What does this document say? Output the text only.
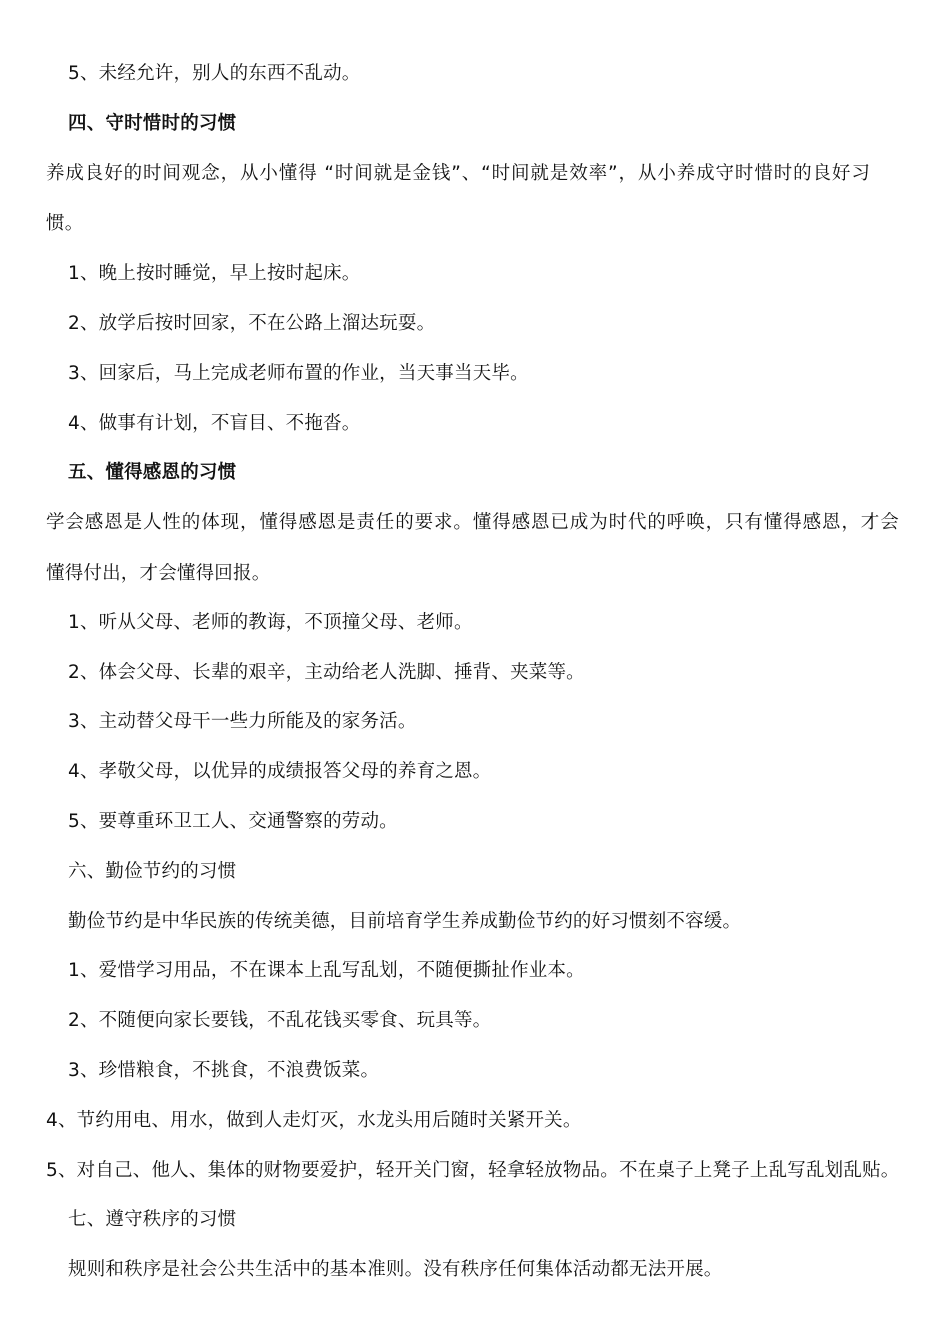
5、未经允许，别人的东西不乱动。

四、守时惜时的习惯

养成良好的时间观念，从小懂得 “时间就是金钱”、“时间就是效率”，从小养成守时惜时的良好习

惯。

1、晚上按时睡觉，早上按时起床。

2、放学后按时回家，不在公路上溜达玩耍。

3、回家后，马上完成老师布置的作业，当天事当天毕。

4、做事有计划，不盲目、不拖沓。

五、懂得感恩的习惯

学会感恩是人性的体现，懂得感恩是责任的要求。懂得感恩已成为时代的呼唤，只有懂得感恩，才会

懂得付出，才会懂得回报。

1、听从父母、老师的教诲，不顶撞父母、老师。

2、体会父母、长辈的艰辛，主动给老人洗脚、捶背、夹菜等。

3、主动替父母干一些力所能及的家务活。

4、孝敬父母，以优异的成绩报答父母的养育之恩。

5、要尊重环卫工人、交通警察的劳动。

六、勤俭节约的习惯

勤俭节约是中华民族的传统美德，目前培育学生养成勤俭节约的好习惯刻不容缓。

1、爱惜学习用品，不在课本上乱写乱划，不随便撕扯作业本。

2、不随便向家长要钱，不乱花钱买零食、玩具等。

3、珍惜粮食，不挑食，不浪费饭菜。

4、节约用电、用水，做到人走灯灭，水龙头用后随时关紧开关。

5、对自己、他人、集体的财物要爱护，轻开关门窗，轻拿轻放物品。不在桌子上凳子上乱写乱划乱贴。

七、遵守秩序的习惯

规则和秩序是社会公共生活中的基本准则。没有秩序任何集体活动都无法开展。
